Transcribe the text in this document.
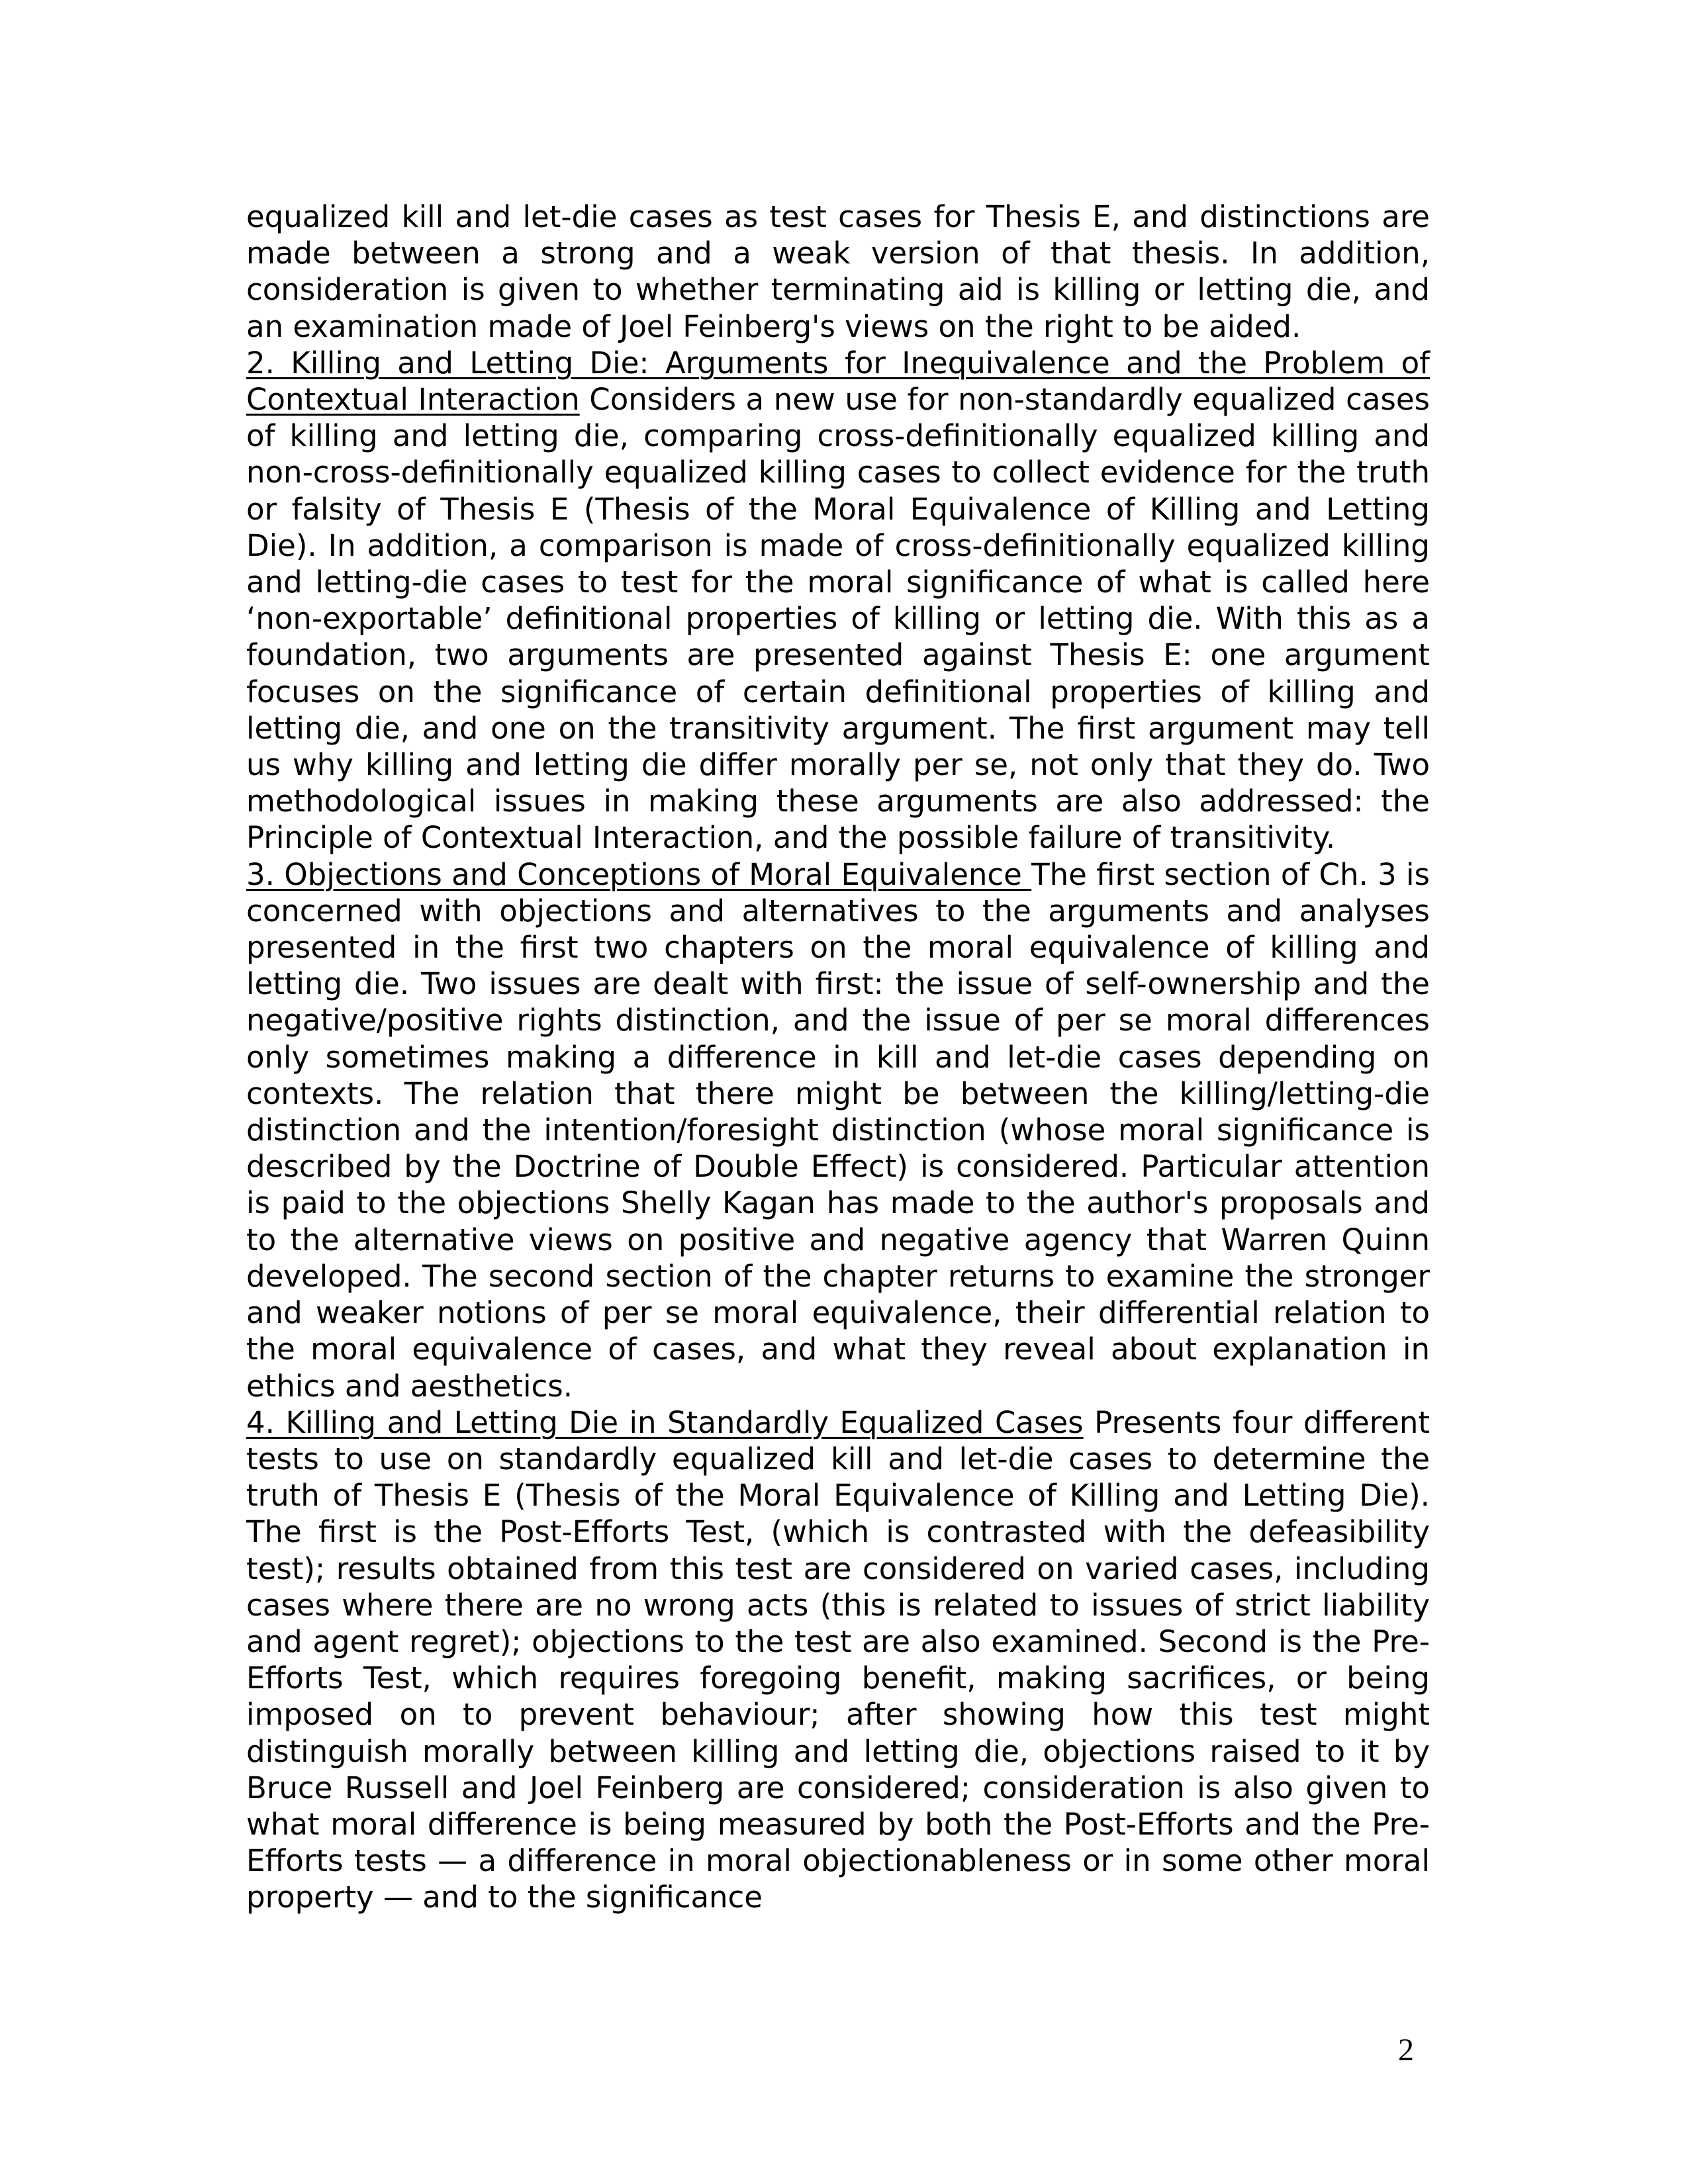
equalized kill and let-die cases as test cases for Thesis E, and distinctions are made between a strong and a weak version of that thesis. In addition, consideration is given to whether terminating aid is killing or letting die, and an examination made of Joel Feinberg's views on the right to be aided.

2. Killing and Letting Die: Arguments for Inequivalence and the Problem of Contextual Interaction Considers a new use for non-standardly equalized cases of killing and letting die, comparing cross-definitionally equalized killing and non-cross-definitionally equalized killing cases to collect evidence for the truth or falsity of Thesis E (Thesis of the Moral Equivalence of Killing and Letting Die). In addition, a comparison is made of cross-definitionally equalized killing and letting-die cases to test for the moral significance of what is called here ‘non-exportable’ definitional properties of killing or letting die. With this as a foundation, two arguments are presented against Thesis E: one argument focuses on the significance of certain definitional properties of killing and letting die, and one on the transitivity argument. The first argument may tell us why killing and letting die differ morally per se, not only that they do. Two methodological issues in making these arguments are also addressed: the Principle of Contextual Interaction, and the possible failure of transitivity.

3. Objections and Conceptions of Moral Equivalence The first section of Ch. 3 is concerned with objections and alternatives to the arguments and analyses presented in the first two chapters on the moral equivalence of killing and letting die. Two issues are dealt with first: the issue of self-ownership and the negative/positive rights distinction, and the issue of per se moral differences only sometimes making a difference in kill and let-die cases depending on contexts. The relation that there might be between the killing/letting-die distinction and the intention/foresight distinction (whose moral significance is described by the Doctrine of Double Effect) is considered. Particular attention is paid to the objections Shelly Kagan has made to the author's proposals and to the alternative views on positive and negative agency that Warren Quinn developed. The second section of the chapter returns to examine the stronger and weaker notions of per se moral equivalence, their differential relation to the moral equivalence of cases, and what they reveal about explanation in ethics and aesthetics.

4. Killing and Letting Die in Standardly Equalized Cases Presents four different tests to use on standardly equalized kill and let-die cases to determine the truth of Thesis E (Thesis of the Moral Equivalence of Killing and Letting Die). The first is the Post-Efforts Test, (which is contrasted with the defeasibility test); results obtained from this test are considered on varied cases, including cases where there are no wrong acts (this is related to issues of strict liability and agent regret); objections to the test are also examined. Second is the Pre-Efforts Test, which requires foregoing benefit, making sacrifices, or being imposed on to prevent behaviour; after showing how this test might distinguish morally between killing and letting die, objections raised to it by Bruce Russell and Joel Feinberg are considered; consideration is also given to what moral difference is being measured by both the Post-Efforts and the Pre-Efforts tests — a difference in moral objectionableness or in some other moral property — and to the significance

2
